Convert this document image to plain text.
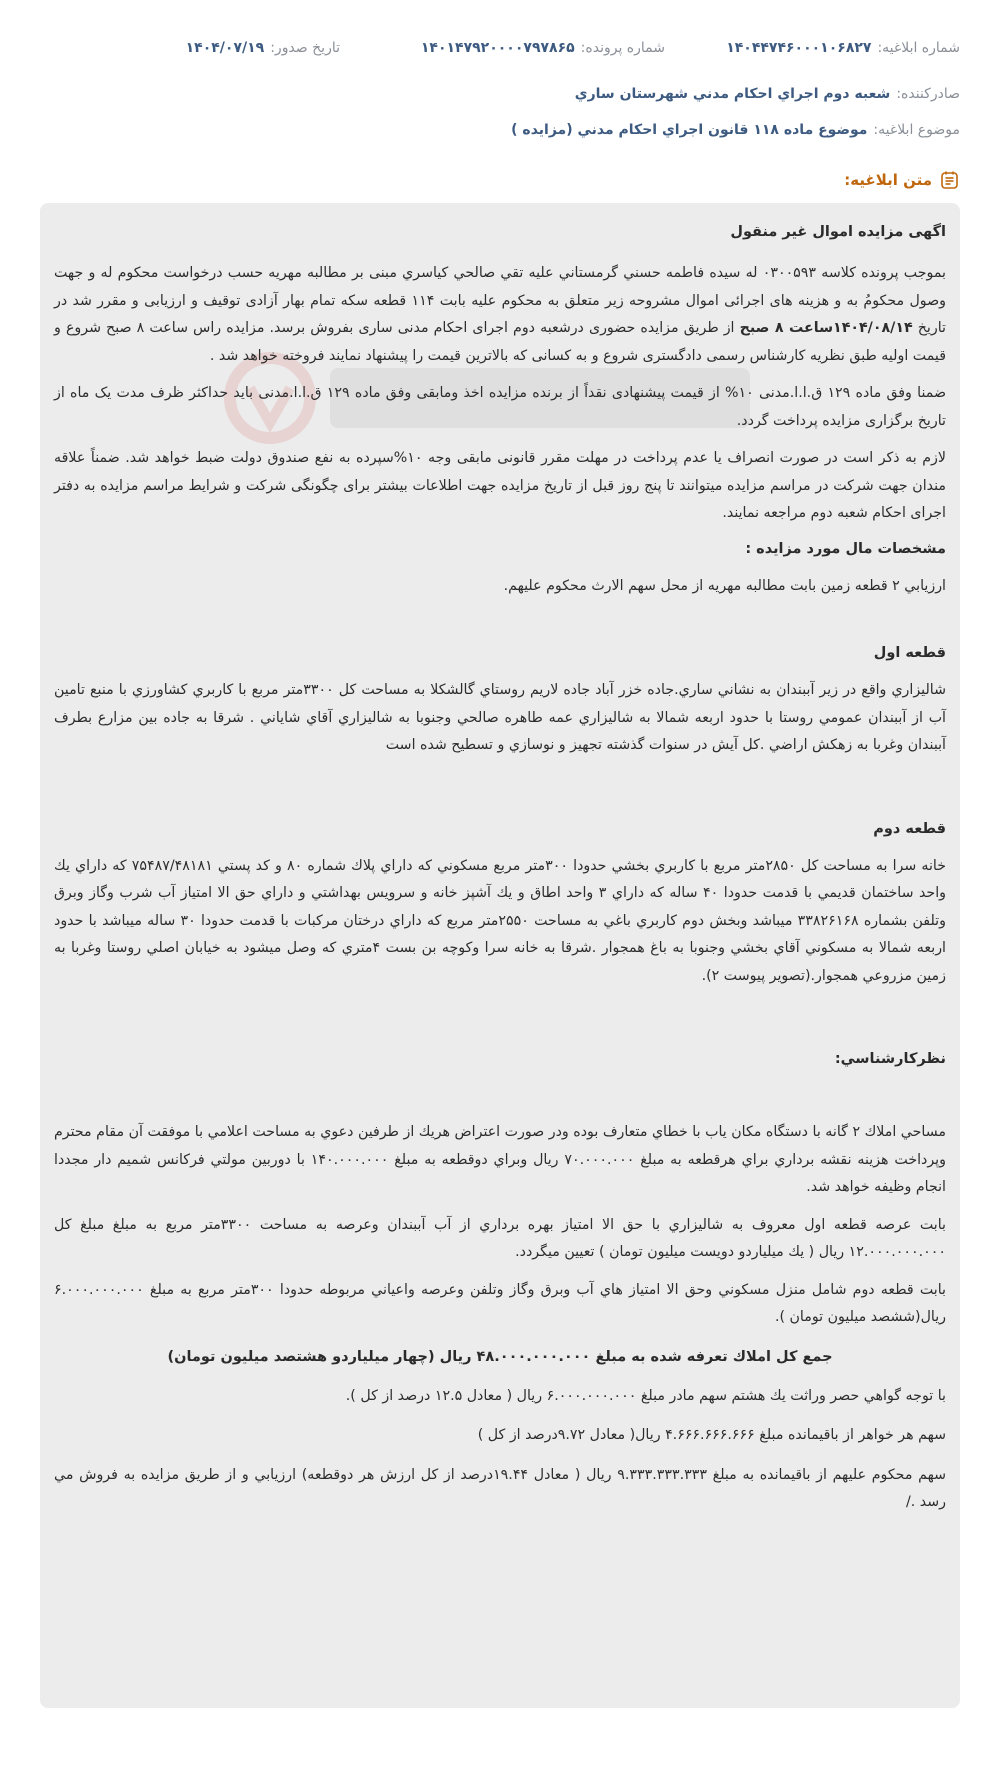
شماره ابلاغيه:
۱۴۰۴۴۷۴۶۰۰۰۱۰۶۸۲۷
شماره پرونده:
۱۴۰۱۴۷۹۲۰۰۰۰۷۹۷۸۶۵
تاريخ صدور:
۱۴۰۴/۰۷/۱۹
صادرکننده:
شعبه دوم اجراي احكام مدني شهرستان ساري
موضوع ابلاغيه:
موضوع ماده ۱۱۸ قانون اجراي احكام مدني (مزايده )
متن ابلاغيه:

اگهی مزایده اموال غیر منقول

بموجب پرونده کلاسه ۰۳۰۰۵۹۳ له سیده فاطمه حسني گرمستاني عليه تقي صالحي كياسري مبنی بر مطالبه مهریه حسب درخواست محکوم له و جهت وصول محکومُ به و هزینه های اجرائی اموال مشروحه زیر متعلق به محکوم علیه بابت ۱۱۴ قطعه سکه تمام بهار آزادی توقیف و ارزیابی و مقرر شد در تاریخ ۱۴۰۴/۰۸/۱۴ساعت ۸ صبح از طریق مزایده حضوری درشعبه دوم اجرای احکام مدنی ساری بفروش برسد. مزایده راس ساعت ۸ صبح شروع و قیمت اولیه طبق نظریه کارشناس رسمی دادگستری شروع و به کسانی که بالاترین قیمت را پیشنهاد نمایند فروخته خواهد شد .

ضمنا وفق ماده ۱۲۹ ق.ا.ا.مدنی ۱۰% از قیمت پیشنهادی نقداً از برنده مزایده اخذ ومابقی وفق ماده ۱۲۹ ق.ا.ا.مدنی باید حداکثر ظرف مدت یک ماه از تاریخ برگزاری مزایده پرداخت گردد.

لازم به ذکر است در صورت انصراف یا عدم پرداخت در مهلت مقرر قانونی مابقی وجه ۱۰%سپرده به نفع صندوق دولت ضبط خواهد شد. ضمناً علاقه مندان جهت شرکت در مراسم مزایده میتوانند تا پنج روز قبل از تاریخ مزایده جهت اطلاعات بیشتر برای چگونگی شرکت و شرایط مراسم مزایده به دفتر اجرای احکام شعبه دوم مراجعه نمایند.

مشخصات مال مورد مزایده :

ارزيابي ۲ قطعه زمين بابت مطالبه مهريه از محل سهم الارث محكوم عليهم.

قطعه اول

شاليزاري واقع در زير آببندان به نشاني ساري.جاده خزر آباد جاده لاريم روستاي گالشكلا به مساحت كل ۳۳۰۰متر مربع با كاربري كشاورزي با منبع تامين آب از آببندان عمومي روستا با حدود اربعه شمالا به شاليزاري عمه طاهره صالحي وجنوبا به شاليزاري آقاي شاياني . شرقا به جاده بين مزارع بطرف آببندان وغربا به زهكش اراضي .كل آيش در سنوات گذشته تجهيز و نوسازي و تسطيح شده است

قطعه دوم

خانه سرا به مساحت كل ۲۸۵۰متر مربع با كاربري بخشي حدودا ۳۰۰متر مربع مسكوني كه داراي پلاك شماره ۸۰ و كد پستي ۷۵۴۸۷/۴۸۱۸۱ كه داراي يك واحد ساختمان قديمي با قدمت حدودا ۴۰ ساله كه داراي ۳ واحد اطاق و يك آشپز خانه و سرويس بهداشتي و داراي حق الا امتياز آب شرب وگاز وبرق وتلفن بشماره ۳۳۸۲۶۱۶۸ ميباشد وبخش دوم كاربري باغي به مساحت ۲۵۵۰متر مربع كه داراي درختان مركبات با قدمت حدودا ۳۰ ساله ميباشد با حدود اربعه شمالا به مسكوني آقاي بخشي وجنوبا به باغ همجوار .شرقا به خانه سرا وكوچه بن بست ۴متري كه وصل ميشود به خيابان اصلي روستا وغربا به زمين مزروعي همجوار.(تصوير پيوست ۲).

نظركارشناسي:

مساحي املاك ۲ گانه با دستگاه مكان ياب با خطاي متعارف بوده ودر صورت اعتراض هريك از طرفين دعوي به مساحت اعلامي با موفقت آن مقام محترم وپرداخت هزينه نقشه برداري براي هرقطعه به مبلغ ۷۰.۰۰۰.۰۰۰ ريال وبراي دوقطعه به مبلغ ۱۴۰.۰۰۰.۰۰۰ با دوربين مولتي فركانس شميم دار مجددا انجام وظيفه خواهد شد.

بابت عرصه قطعه اول معروف به شاليزاري با حق الا امتياز بهره برداري از آب آببندان وعرصه به مساحت ۳۳۰۰متر مربع به مبلغ مبلغ كل ۱۲.۰۰۰.۰۰۰.۰۰۰ ريال ( يك ميلياردو دويست ميليون تومان ) تعيين ميگردد.

بابت قطعه دوم شامل منزل مسكوني وحق الا امتياز هاي آب وبرق وگاز وتلفن وعرصه واعياني مربوطه حدودا ۳۰۰متر مربع به مبلغ ۶.۰۰۰.۰۰۰.۰۰۰ ريال(ششصد ميليون تومان ).

جمع كل املاك تعرفه شده به مبلغ ۴۸.۰۰۰.۰۰۰.۰۰۰ ريال (چهار ميلياردو هشتصد ميليون تومان)

با توجه گواهي حصر وراثت يك هشتم سهم مادر مبلغ ۶.۰۰۰.۰۰۰.۰۰۰ ريال ( معادل ۱۲.۵ درصد از كل ).

سهم هر خواهر از باقيمانده مبلغ ۴.۶۶۶.۶۶۶.۶۶۶ ريال( معادل ۹.۷۲درصد از كل )

سهم محكوم عليهم از باقيمانده به مبلغ ۹.۳۳۳.۳۳۳.۳۳۳ ريال ( معادل ۱۹.۴۴درصد از كل ارزش هر دوقطعه) ارزيابي و از طريق مزايده به فروش مي رسد ./
